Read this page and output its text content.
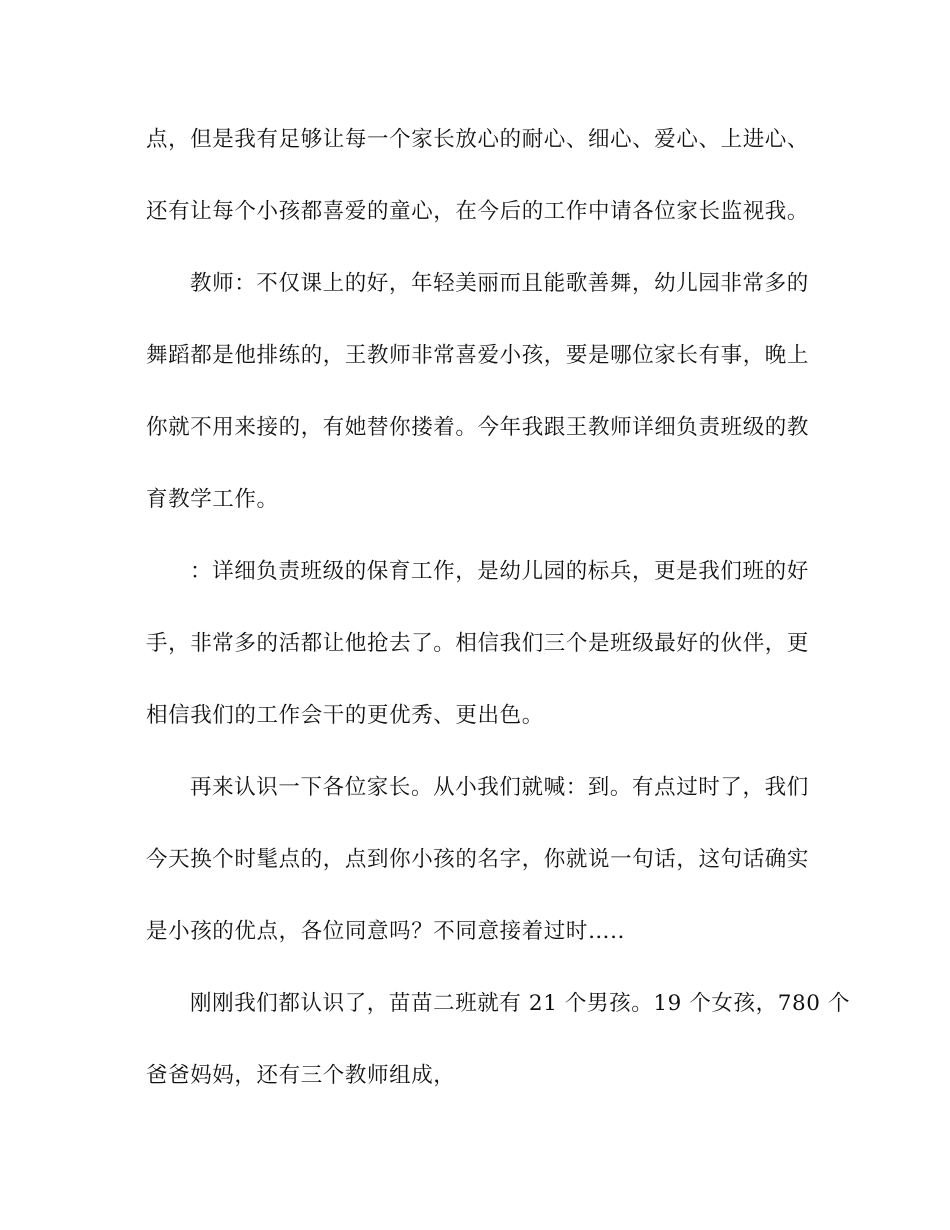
点，但是我有足够让每一个家长放心的耐心、细心、爱心、上进心、
还有让每个小孩都喜爱的童心，在今后的工作中请各位家长监视我。
教师：不仅课上的好，年轻美丽而且能歌善舞，幼儿园非常多的
舞蹈都是他排练的，王教师非常喜爱小孩，要是哪位家长有事，晚上
你就不用来接的，有她替你搂着。今年我跟王教师详细负责班级的教
育教学工作。
：详细负责班级的保育工作，是幼儿园的标兵，更是我们班的好
手，非常多的活都让他抢去了。相信我们三个是班级最好的伙伴，更
相信我们的工作会干的更优秀、更出色。
再来认识一下各位家长。从小我们就喊：到。有点过时了，我们
今天换个时髦点的，点到你小孩的名字，你就说一句话，这句话确实
是小孩的优点，各位同意吗？不同意接着过时…..
刚刚我们都认识了，苗苗二班就有 21 个男孩。19 个女孩，780 个
爸爸妈妈，还有三个教师组成，
